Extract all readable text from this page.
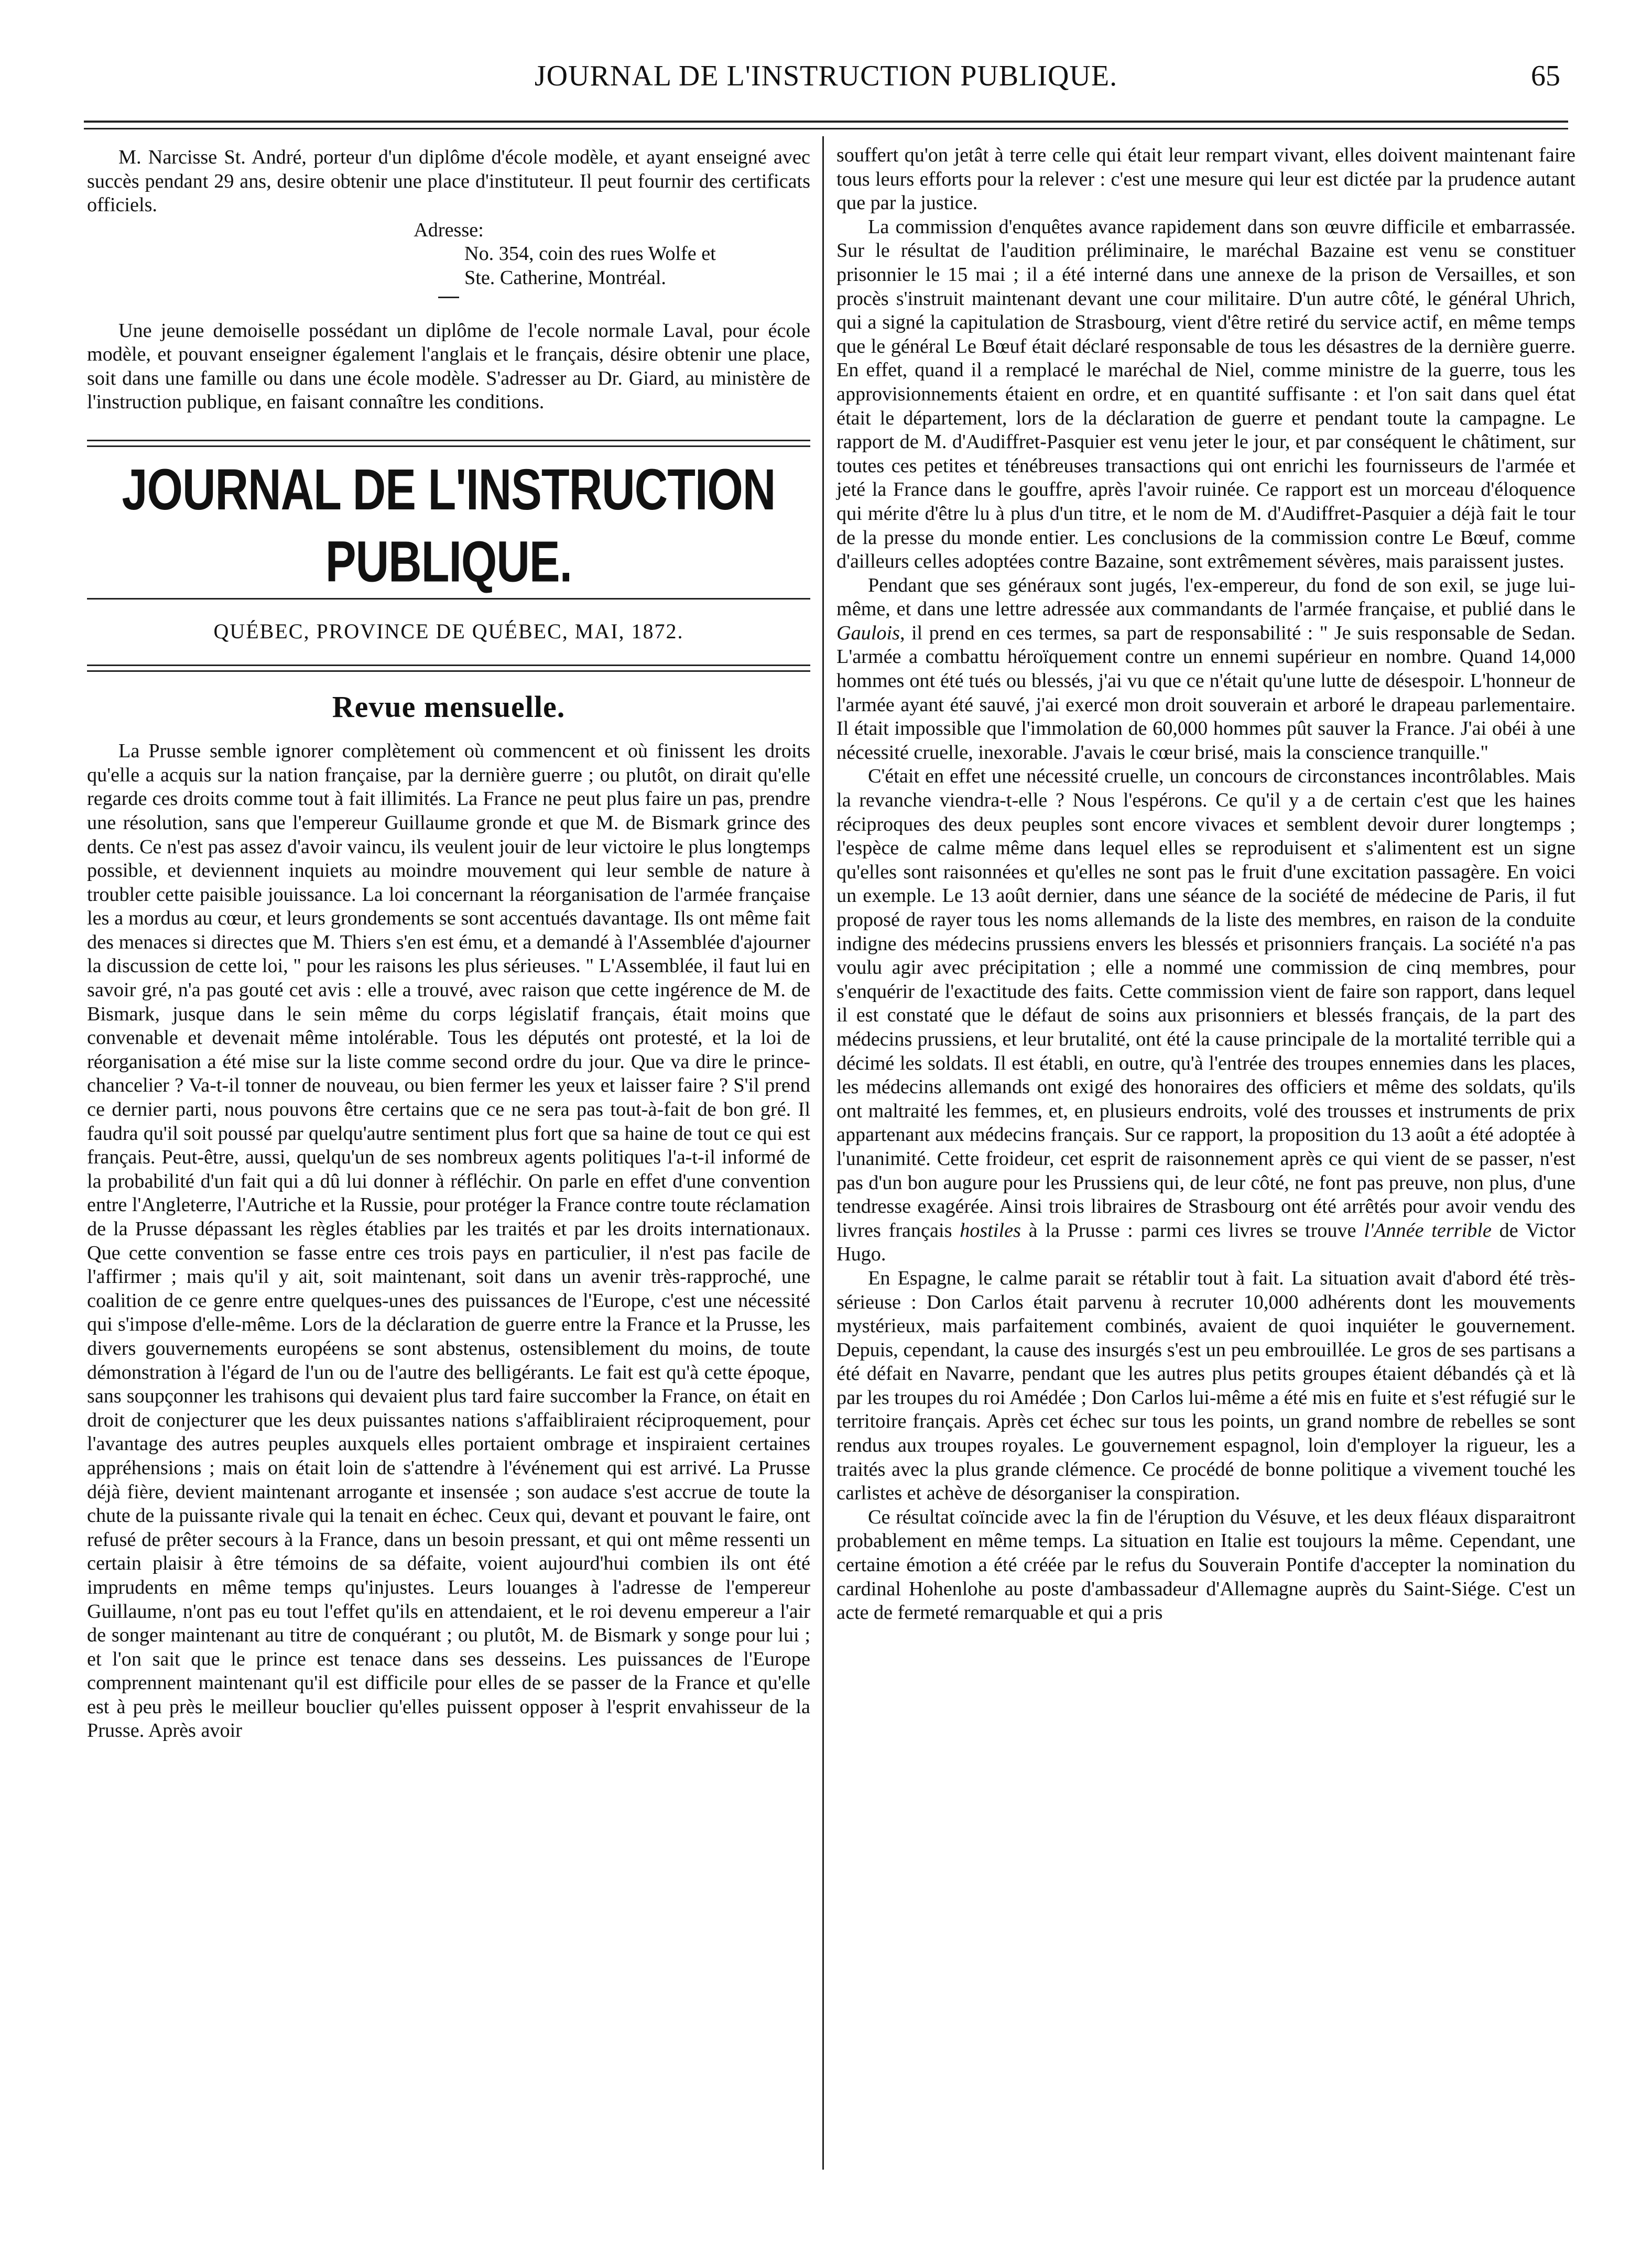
JOURNAL DE L'INSTRUCTION PUBLIQUE.	65

M. Narcisse St. André, porteur d'un diplôme d'école modèle, et ayant enseigné avec succès pendant 29 ans, desire obtenir une place d'instituteur. Il peut fournir des certificats officiels.

Adresse:
No. 354, coin des rues Wolfe et
Ste. Catherine, Montréal.

Une jeune demoiselle possédant un diplôme de l'ecole normale Laval, pour école modèle, et pouvant enseigner également l'anglais et le français, désire obtenir une place, soit dans une famille ou dans une école modèle. S'adresser au Dr. Giard, au ministère de l'instruction publique, en faisant connaître les conditions.

JOURNAL DE L'INSTRUCTION PUBLIQUE.
QUÉBEC, PROVINCE DE QUÉBEC, MAI, 1872.
Revue mensuelle.

La Prusse semble ignorer complètement où commencent et où finissent les droits qu'elle a acquis sur la nation française, par la dernière guerre ; ou plutôt, on dirait qu'elle regarde ces droits comme tout à fait illimités. La France ne peut plus faire un pas, prendre une résolution, sans que l'empereur Guillaume gronde et que M. de Bismark grince des dents. Ce n'est pas assez d'avoir vaincu, ils veulent jouir de leur victoire le plus longtemps possible, et deviennent inquiets au moindre mouvement qui leur semble de nature à troubler cette paisible jouissance. La loi concernant la réorganisation de l'armée française les a mordus au cœur, et leurs grondements se sont accentués davantage. Ils ont même fait des menaces si directes que M. Thiers s'en est ému, et a demandé à l'Assemblée d'ajourner la discussion de cette loi, " pour les raisons les plus sérieuses. " L'Assemblée, il faut lui en savoir gré, n'a pas gouté cet avis : elle a trouvé, avec raison que cette ingérence de M. de Bismark, jusque dans le sein même du corps législatif français, était moins que convenable et devenait même intolérable. Tous les députés ont protesté, et la loi de réorganisation a été mise sur la liste comme second ordre du jour. Que va dire le prince-chancelier ? Va-t-il tonner de nouveau, ou bien fermer les yeux et laisser faire ? S'il prend ce dernier parti, nous pouvons être certains que ce ne sera pas tout-à-fait de bon gré. Il faudra qu'il soit poussé par quelqu'autre sentiment plus fort que sa haine de tout ce qui est français. Peut-être, aussi, quelqu'un de ses nombreux agents politiques l'a-t-il informé de la probabilité d'un fait qui a dû lui donner à réfléchir. On parle en effet d'une convention entre l'Angleterre, l'Autriche et la Russie, pour protéger la France contre toute réclamation de la Prusse dépassant les règles établies par les traités et par les droits internationaux. Que cette convention se fasse entre ces trois pays en particulier, il n'est pas facile de l'affirmer ; mais qu'il y ait, soit maintenant, soit dans un avenir très-rapproché, une coalition de ce genre entre quelques-unes des puissances de l'Europe, c'est une nécessité qui s'impose d'elle-même. Lors de la déclaration de guerre entre la France et la Prusse, les divers gouvernements européens se sont abstenus, ostensiblement du moins, de toute démonstration à l'égard de l'un ou de l'autre des belligérants. Le fait est qu'à cette époque, sans soupçonner les trahisons qui devaient plus tard faire succomber la France, on était en droit de conjecturer que les deux puissantes nations s'affaibliraient réciproquement, pour l'avantage des autres peuples auxquels elles portaient ombrage et inspiraient certaines appréhensions ; mais on était loin de s'attendre à l'événement qui est arrivé. La Prusse déjà fière, devient maintenant arrogante et insensée ; son audace s'est accrue de toute la chute de la puissante rivale qui la tenait en échec. Ceux qui, devant et pouvant le faire, ont refusé de prêter secours à la France, dans un besoin pressant, et qui ont même ressenti un certain plaisir à être témoins de sa défaite, voient aujourd'hui combien ils ont été imprudents en même temps qu'injustes. Leurs louanges à l'adresse de l'empereur Guillaume, n'ont pas eu tout l'effet qu'ils en attendaient, et le roi devenu empereur a l'air de songer maintenant au titre de conquérant ; ou plutôt, M. de Bismark y songe pour lui ; et l'on sait que le prince est tenace dans ses desseins. Les puissances de l'Europe comprennent maintenant qu'il est difficile pour elles de se passer de la France et qu'elle est à peu près le meilleur bouclier qu'elles puissent opposer à l'esprit envahisseur de la Prusse. Après avoir

souffert qu'on jetât à terre celle qui était leur rempart vivant, elles doivent maintenant faire tous leurs efforts pour la relever : c'est une mesure qui leur est dictée par la prudence autant que par la justice.

La commission d'enquêtes avance rapidement dans son œuvre difficile et embarrassée. Sur le résultat de l'audition préliminaire, le maréchal Bazaine est venu se constituer prisonnier le 15 mai ; il a été interné dans une annexe de la prison de Versailles, et son procès s'instruit maintenant devant une cour militaire. D'un autre côté, le général Uhrich, qui a signé la capitulation de Strasbourg, vient d'être retiré du service actif, en même temps que le général Le Bœuf était déclaré responsable de tous les désastres de la dernière guerre. En effet, quand il a remplacé le maréchal de Niel, comme ministre de la guerre, tous les approvisionnements étaient en ordre, et en quantité suffisante : et l'on sait dans quel état était le département, lors de la déclaration de guerre et pendant toute la campagne. Le rapport de M. d'Audiffret-Pasquier est venu jeter le jour, et par conséquent le châtiment, sur toutes ces petites et ténébreuses transactions qui ont enrichi les fournisseurs de l'armée et jeté la France dans le gouffre, après l'avoir ruinée. Ce rapport est un morceau d'éloquence qui mérite d'être lu à plus d'un titre, et le nom de M. d'Audiffret-Pasquier a déjà fait le tour de la presse du monde entier. Les conclusions de la commission contre Le Bœuf, comme d'ailleurs celles adoptées contre Bazaine, sont extrêmement sévères, mais paraissent justes.

Pendant que ses généraux sont jugés, l'ex-empereur, du fond de son exil, se juge lui-même, et dans une lettre adressée aux commandants de l'armée française, et publié dans le Gaulois, il prend en ces termes, sa part de responsabilité : " Je suis responsable de Sedan. L'armée a combattu héroïquement contre un ennemi supérieur en nombre. Quand 14,000 hommes ont été tués ou blessés, j'ai vu que ce n'était qu'une lutte de désespoir. L'honneur de l'armée ayant été sauvé, j'ai exercé mon droit souverain et arboré le drapeau parlementaire. Il était impossible que l'immolation de 60,000 hommes pût sauver la France. J'ai obéi à une nécessité cruelle, inexorable. J'avais le cœur brisé, mais la conscience tranquille."

C'était en effet une nécessité cruelle, un concours de circonstances incontrôlables. Mais la revanche viendra-t-elle ? Nous l'espérons. Ce qu'il y a de certain c'est que les haines réciproques des deux peuples sont encore vivaces et semblent devoir durer longtemps ; l'espèce de calme même dans lequel elles se reproduisent et s'alimentent est un signe qu'elles sont raisonnées et qu'elles ne sont pas le fruit d'une excitation passagère. En voici un exemple. Le 13 août dernier, dans une séance de la société de médecine de Paris, il fut proposé de rayer tous les noms allemands de la liste des membres, en raison de la conduite indigne des médecins prussiens envers les blessés et prisonniers français. La société n'a pas voulu agir avec précipitation ; elle a nommé une commission de cinq membres, pour s'enquérir de l'exactitude des faits. Cette commission vient de faire son rapport, dans lequel il est constaté que le défaut de soins aux prisonniers et blessés français, de la part des médecins prussiens, et leur brutalité, ont été la cause principale de la mortalité terrible qui a décimé les soldats. Il est établi, en outre, qu'à l'entrée des troupes ennemies dans les places, les médecins allemands ont exigé des honoraires des officiers et même des soldats, qu'ils ont maltraité les femmes, et, en plusieurs endroits, volé des trousses et instruments de prix appartenant aux médecins français. Sur ce rapport, la proposition du 13 août a été adoptée à l'unanimité. Cette froideur, cet esprit de raisonnement après ce qui vient de se passer, n'est pas d'un bon augure pour les Prussiens qui, de leur côté, ne font pas preuve, non plus, d'une tendresse exagérée. Ainsi trois libraires de Strasbourg ont été arrêtés pour avoir vendu des livres français hostiles à la Prusse : parmi ces livres se trouve l'Année terrible de Victor Hugo.

En Espagne, le calme parait se rétablir tout à fait. La situation avait d'abord été très-sérieuse : Don Carlos était parvenu à recruter 10,000 adhérents dont les mouvements mystérieux, mais parfaitement combinés, avaient de quoi inquiéter le gouvernement. Depuis, cependant, la cause des insurgés s'est un peu embrouillée. Le gros de ses partisans a été défait en Navarre, pendant que les autres plus petits groupes étaient débandés çà et là par les troupes du roi Amédée ; Don Carlos lui-même a été mis en fuite et s'est réfugié sur le territoire français. Après cet échec sur tous les points, un grand nombre de rebelles se sont rendus aux troupes royales. Le gouvernement espagnol, loin d'employer la rigueur, les a traités avec la plus grande clémence. Ce procédé de bonne politique a vivement touché les carlistes et achève de désorganiser la conspiration.

Ce résultat coïncide avec la fin de l'éruption du Vésuve, et les deux fléaux disparaitront probablement en même temps. La situation en Italie est toujours la même. Cependant, une certaine émotion a été créée par le refus du Souverain Pontife d'accepter la nomination du cardinal Hohenlohe au poste d'ambassadeur d'Allemagne auprès du Saint-Siége. C'est un acte de fermeté remarquable et qui a pris
